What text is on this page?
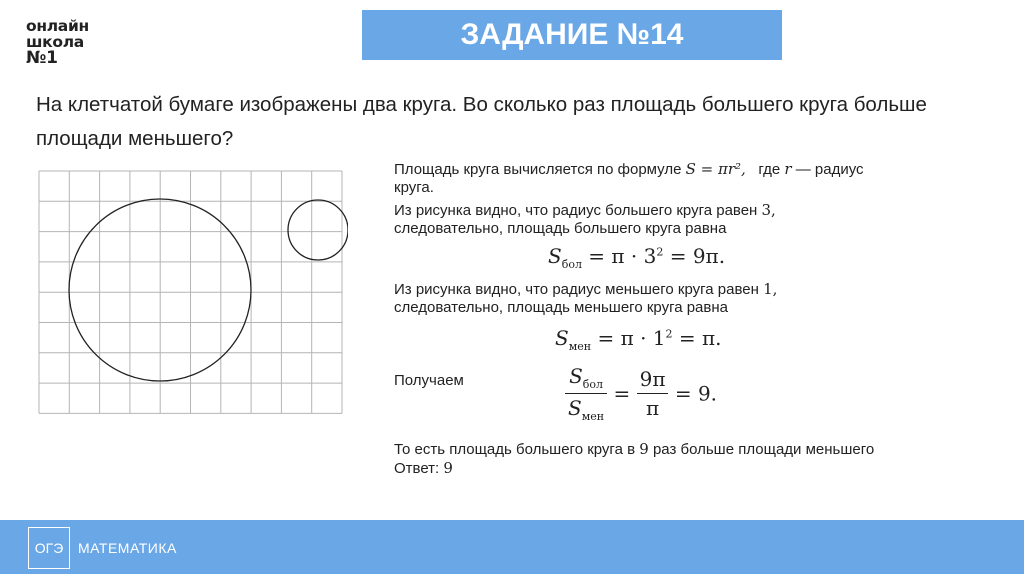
онлайн
школа
№1
ЗАДАНИЕ №14
На клетчатой бумаге изображены два круга. Во сколько раз площадь большего круга больше площади меньшего?

Площадь круга вычисляется по формуле S = πr², где r — радиус

круга.

Из рисунка видно, что радиус большего круга равен 3,

следовательно, площадь большего круга равна

$S_{бол} = \pi \cdot 3^2 = 9\pi$.

Из рисунка видно, что радиус меньшего круга равен 1,

следовательно, площадь меньшего круга равна

$S_{мен} = \pi \cdot 1^2 = \pi$.

Получаем	$\frac{S_{бол}}{S_{мен}} = \frac{9\pi}{\pi} = 9$.

То есть площадь большего круга в 9 раз больше площади меньшего

Ответ: 9

ОГЭ МАТЕМАТИКА
